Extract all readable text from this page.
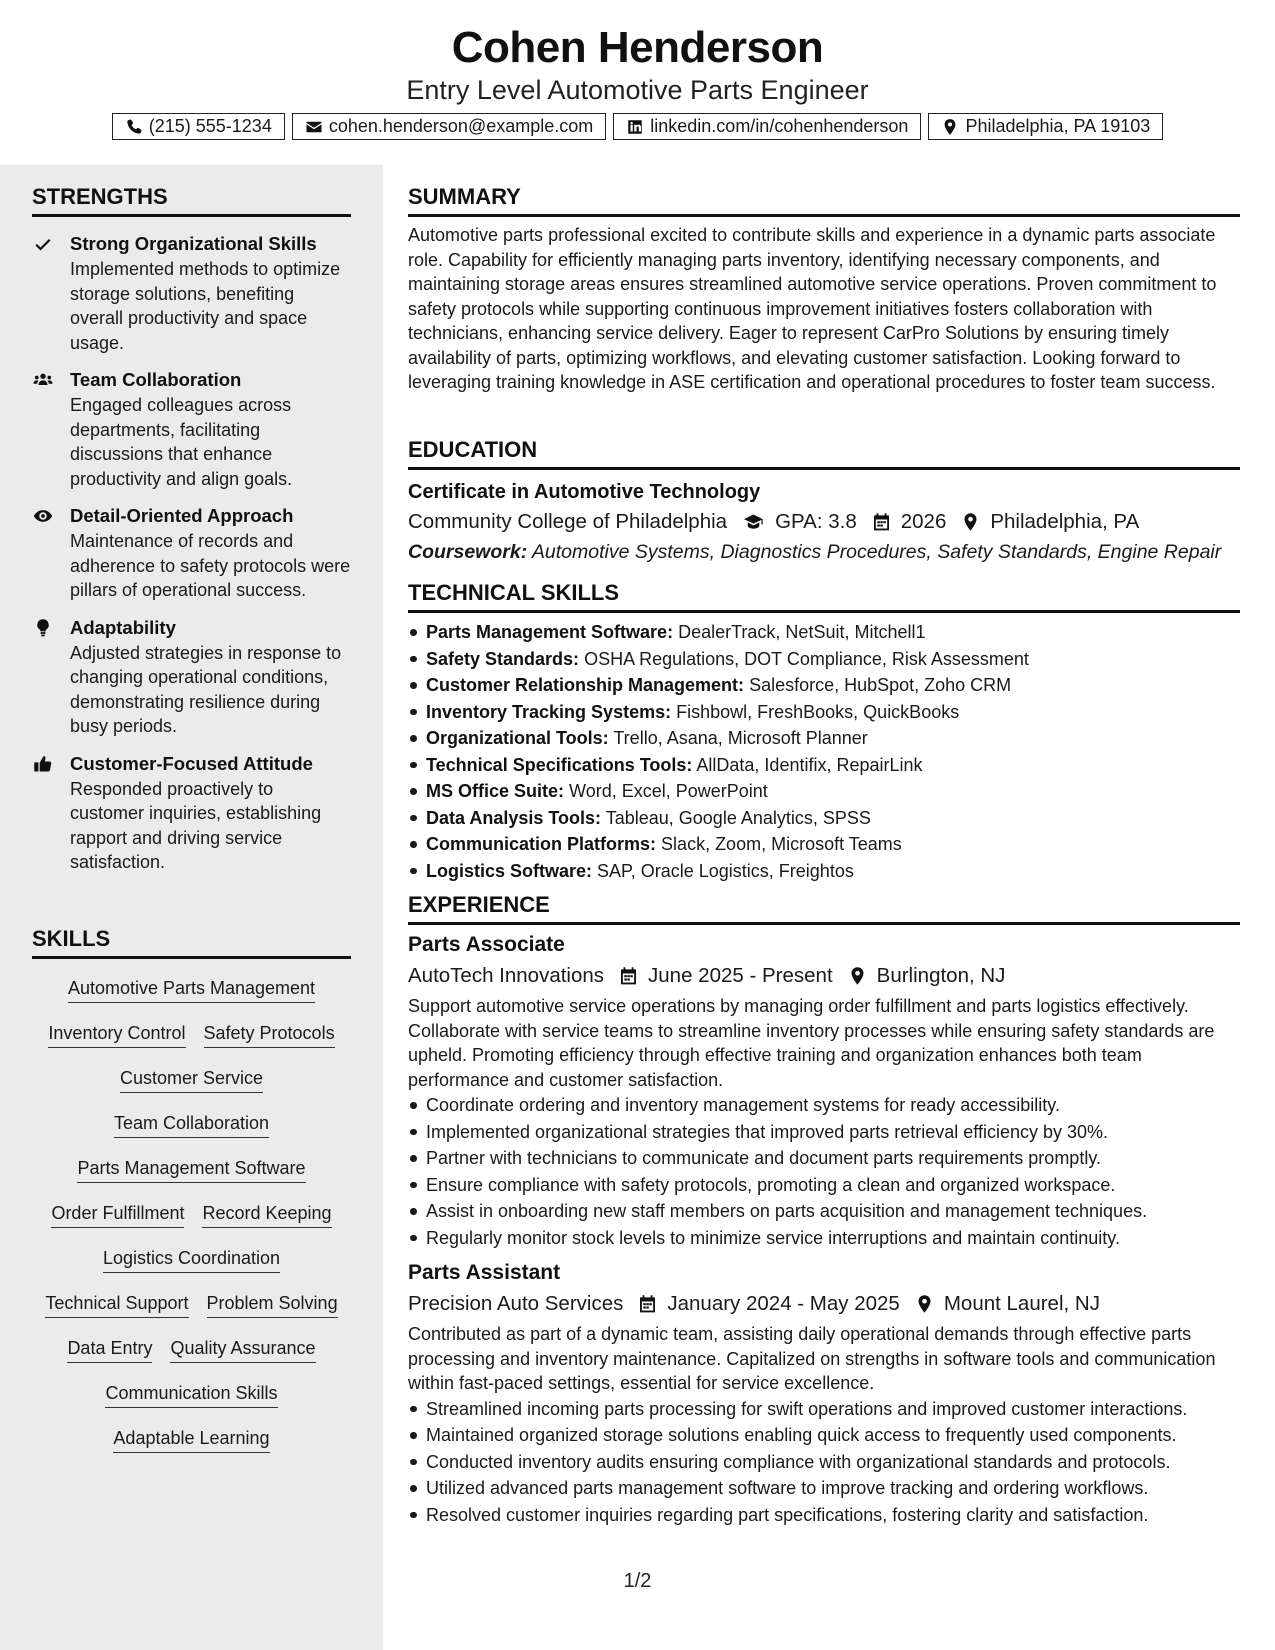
Cohen Henderson
Entry Level Automotive Parts Engineer
(215) 555-1234	cohen.henderson@example.com	linkedin.com/in/cohenhenderson	Philadelphia, PA 19103
STRENGTHS
Strong Organizational Skills
Implemented methods to optimize storage solutions, benefiting overall productivity and space usage.
Team Collaboration
Engaged colleagues across departments, facilitating discussions that enhance productivity and align goals.
Detail-Oriented Approach
Maintenance of records and adherence to safety protocols were pillars of operational success.
Adaptability
Adjusted strategies in response to changing operational conditions, demonstrating resilience during busy periods.
Customer-Focused Attitude
Responded proactively to customer inquiries, establishing rapport and driving service satisfaction.
SKILLS
Automotive Parts Management
Inventory Control Safety Protocols
Customer Service
Team Collaboration
Parts Management Software
Order Fulfillment Record Keeping
Logistics Coordination
Technical Support Problem Solving
Data Entry Quality Assurance
Communication Skills
Adaptable Learning
SUMMARY

Automotive parts professional excited to contribute skills and experience in a dynamic parts associate role. Capability for efficiently managing parts inventory, identifying necessary components, and maintaining storage areas ensures streamlined automotive service operations. Proven commitment to safety protocols while supporting continuous improvement initiatives fosters collaboration with technicians, enhancing service delivery. Eager to represent CarPro Solutions by ensuring timely availability of parts, optimizing workflows, and elevating customer satisfaction. Looking forward to leveraging training knowledge in ASE certification and operational procedures to foster team success.

EDUCATION
Certificate in Automotive Technology
Community College of Philadelphia GPA: 3.8 2026 Philadelphia, PA
Coursework: Automotive Systems, Diagnostics Procedures, Safety Standards, Engine Repair
TECHNICAL SKILLS
Parts Management Software: DealerTrack, NetSuit, Mitchell1
Safety Standards: OSHA Regulations, DOT Compliance, Risk Assessment
Customer Relationship Management: Salesforce, HubSpot, Zoho CRM
Inventory Tracking Systems: Fishbowl, FreshBooks, QuickBooks
Organizational Tools: Trello, Asana, Microsoft Planner
Technical Specifications Tools: AllData, Identifix, RepairLink
MS Office Suite: Word, Excel, PowerPoint
Data Analysis Tools: Tableau, Google Analytics, SPSS
Communication Platforms: Slack, Zoom, Microsoft Teams
Logistics Software: SAP, Oracle Logistics, Freightos
EXPERIENCE
Parts Associate
AutoTech Innovations June 2025 - Present Burlington, NJ

Support automotive service operations by managing order fulfillment and parts logistics effectively. Collaborate with service teams to streamline inventory processes while ensuring safety standards are upheld. Promoting efficiency through effective training and organization enhances both team performance and customer satisfaction.

Coordinate ordering and inventory management systems for ready accessibility.
Implemented organizational strategies that improved parts retrieval efficiency by 30%.
Partner with technicians to communicate and document parts requirements promptly.
Ensure compliance with safety protocols, promoting a clean and organized workspace.
Assist in onboarding new staff members on parts acquisition and management techniques.
Regularly monitor stock levels to minimize service interruptions and maintain continuity.
Parts Assistant
Precision Auto Services January 2024 - May 2025 Mount Laurel, NJ

Contributed as part of a dynamic team, assisting daily operational demands through effective parts processing and inventory maintenance. Capitalized on strengths in software tools and communication within fast-paced settings, essential for service excellence.

Streamlined incoming parts processing for swift operations and improved customer interactions.
Maintained organized storage solutions enabling quick access to frequently used components.
Conducted inventory audits ensuring compliance with organizational standards and protocols.
Utilized advanced parts management software to improve tracking and ordering workflows.
Resolved customer inquiries regarding part specifications, fostering clarity and satisfaction.
1/2
